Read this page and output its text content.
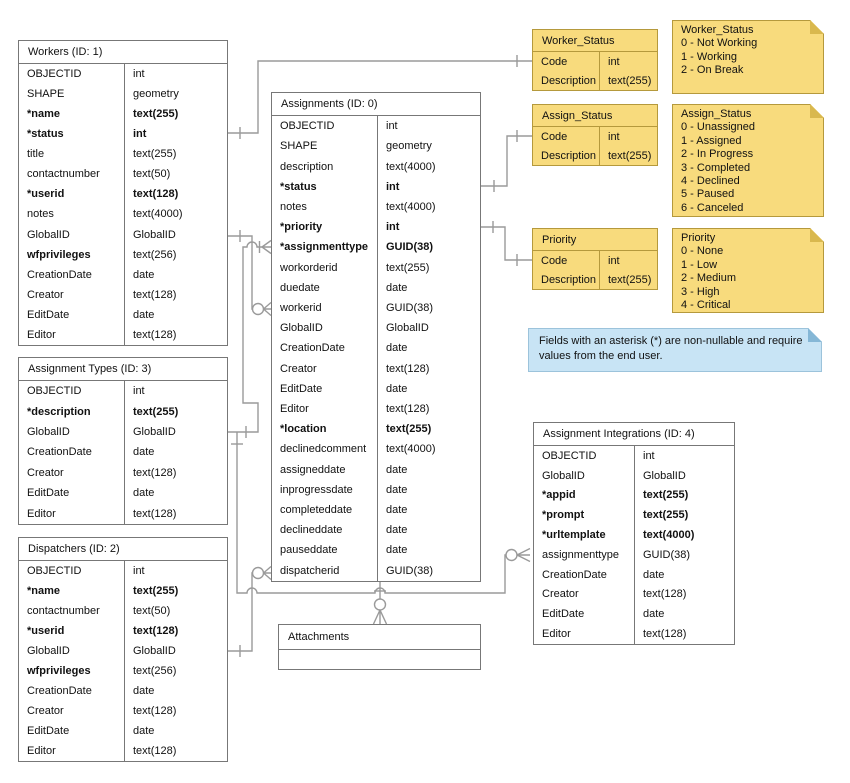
Workers (ID: 1)
OBJECTID	int
SHAPE	geometry
*name	text(255)
*status	int
title	text(255)
contactnumber	text(50)
*userid	text(128)
notes	text(4000)
GlobalID	GlobalID
wfprivileges	text(256)
CreationDate	date
Creator	text(128)
EditDate	date
Editor	text(128)
Assignment Types (ID: 3)
OBJECTID	int
*description	text(255)
GlobalID	GlobalID
CreationDate	date
Creator	text(128)
EditDate	date
Editor	text(128)
Dispatchers (ID: 2)
OBJECTID	int
*name	text(255)
contactnumber	text(50)
*userid	text(128)
GlobalID	GlobalID
wfprivileges	text(256)
CreationDate	date
Creator	text(128)
EditDate	date
Editor	text(128)
Assignments (ID: 0)
OBJECTID	int
SHAPE	geometry
description	text(4000)
*status	int
notes	text(4000)
*priority	int
*assignmenttype	GUID(38)
workorderid	text(255)
duedate	date
workerid	GUID(38)
GlobalID	GlobalID
CreationDate	date
Creator	text(128)
EditDate	date
Editor	text(128)
*location	text(255)
declinedcomment	text(4000)
assigneddate	date
inprogressdate	date
completeddate	date
declineddate	date
pauseddate	date
dispatcherid	GUID(38)
Attachments
Worker_Status
Code	int
Description	text(255)
Assign_Status
Code	int
Description	text(255)
Priority
Code	int
Description	text(255)
Assignment Integrations (ID: 4)
OBJECTID	int
GlobalID	GlobalID
*appid	text(255)
*prompt	text(255)
*urltemplate	text(4000)
assignmenttype	GUID(38)
CreationDate	date
Creator	text(128)
EditDate	date
Editor	text(128)
Worker_Status
0 - Not Working
1 - Working
2 - On Break
Assign_Status
0 - Unassigned
1 - Assigned
2 - In Progress
3 - Completed
4 - Declined
5 - Paused
6 - Canceled
Priority
0 - None
1 - Low
2 - Medium
3 - High
4 - Critical
Fields with an asterisk (*) are non-nullable and require values from the end user.
